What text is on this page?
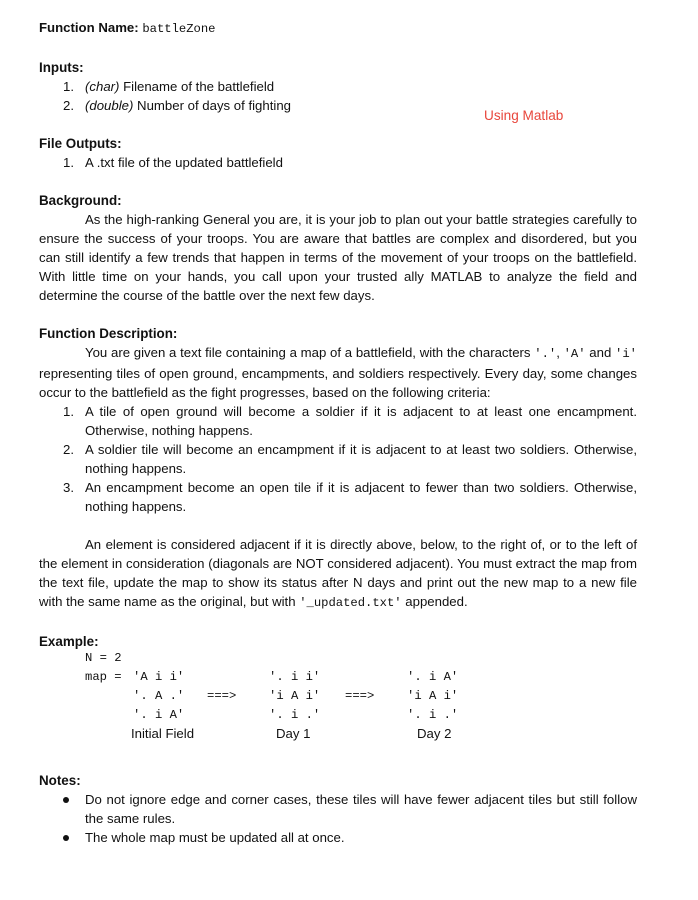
Using Matlab

Function Name: battleZone

Inputs:

1. (char) Filename of the battlefield
2. (double) Number of days of fighting

File Outputs:

1. A .txt file of the updated battlefield

Background:

As the high-ranking General you are, it is your job to plan out your battle strategies carefully to ensure the success of your troops. You are aware that battles are complex and disordered, but you can still identify a few trends that happen in terms of the movement of your troops on the battlefield. With little time on your hands, you call upon your trusted ally MATLAB to analyze the field and determine the course of the battle over the next few days.

Function Description:

You are given a text file containing a map of a battlefield, with the characters '.', 'A' and 'i' representing tiles of open ground, encampments, and soldiers respectively. Every day, some changes occur to the battlefield as the fight progresses, based on the following criteria:

1. A tile of open ground will become a soldier if it is adjacent to at least one encampment. Otherwise, nothing happens.
2. A soldier tile will become an encampment if it is adjacent to at least two soldiers. Otherwise, nothing happens.
3. An encampment become an open tile if it is adjacent to fewer than two soldiers. Otherwise, nothing happens.

An element is considered adjacent if it is directly above, below, to the right of, or to the left of the element in consideration (diagonals are NOT considered adjacent). You must extract the map from the text file, update the map to show its status after N days and print out the new map to a new file with the same name as the original, but with '_updated.txt' appended.

Example:

N = 2
map = 'A i i'
'. A .'
'. i A'
===>
'. i i'
'i A i'
'. i .'
===>
'. i A'
'i A i'
'. i .'
Initial Field	Day 1	Day 2

Notes:

Do not ignore edge and corner cases, these tiles will have fewer adjacent tiles but still follow the same rules.
The whole map must be updated all at once.
